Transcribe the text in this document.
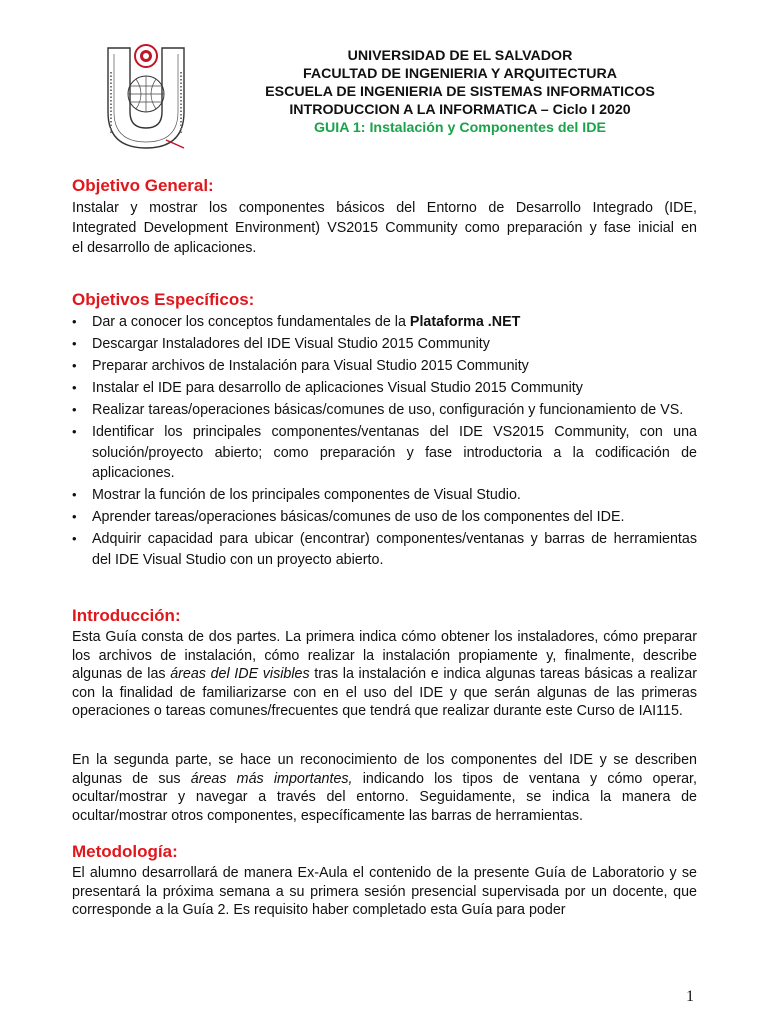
UNIVERSIDAD DE EL SALVADOR
FACULTAD DE INGENIERIA Y ARQUITECTURA
ESCUELA DE INGENIERIA DE SISTEMAS INFORMATICOS
INTRODUCCION A LA INFORMATICA – Ciclo I 2020
GUIA 1: Instalación y Componentes del IDE
Objetivo General:
Instalar y mostrar los componentes básicos del Entorno de Desarrollo Integrado (IDE,
Integrated Development Environment) VS2015 Community como preparación y fase inicial en
el desarrollo de aplicaciones.
Objetivos Específicos:
•	Dar a conocer los conceptos fundamentales de la Plataforma .NET
•	Descargar Instaladores del IDE Visual Studio 2015 Community
•	Preparar archivos de Instalación para Visual Studio 2015 Community
•	Instalar el IDE para desarrollo de aplicaciones Visual Studio 2015 Community
•	Realizar tareas/operaciones básicas/comunes de uso, configuración y funcionamiento de VS.
•	Identificar los principales componentes/ventanas del IDE VS2015 Community, con una solución/proyecto abierto; como preparación y fase introductoria a la codificación de aplicaciones.
•	Mostrar la función de los principales componentes de Visual Studio.
•	Aprender tareas/operaciones básicas/comunes de uso de los componentes del IDE.
•	Adquirir capacidad para ubicar (encontrar) componentes/ventanas y barras de herramientas del IDE Visual Studio con un proyecto abierto.
Introducción:
Esta Guía consta de dos partes. La primera indica cómo obtener los instaladores, cómo preparar los archivos de instalación, cómo realizar la instalación propiamente y, finalmente, describe algunas de las áreas del IDE visibles tras la instalación e indica algunas tareas básicas a realizar con la finalidad de familiarizarse con en el uso del IDE y que serán algunas de las primeras operaciones o tareas comunes/frecuentes que tendrá que realizar durante este Curso de IAI115.
En la segunda parte, se hace un reconocimiento de los componentes del IDE y se describen algunas de sus áreas más importantes, indicando los tipos de ventana y cómo operar, ocultar/mostrar y navegar a través del entorno. Seguidamente, se indica la manera de ocultar/mostrar otros componentes, específicamente las barras de herramientas.
Metodología:
El alumno desarrollará de manera Ex-Aula el contenido de la presente Guía de Laboratorio y se presentará la próxima semana a su primera sesión presencial supervisada por un docente, que corresponde a la Guía 2. Es requisito haber completado esta Guía para poder
1
